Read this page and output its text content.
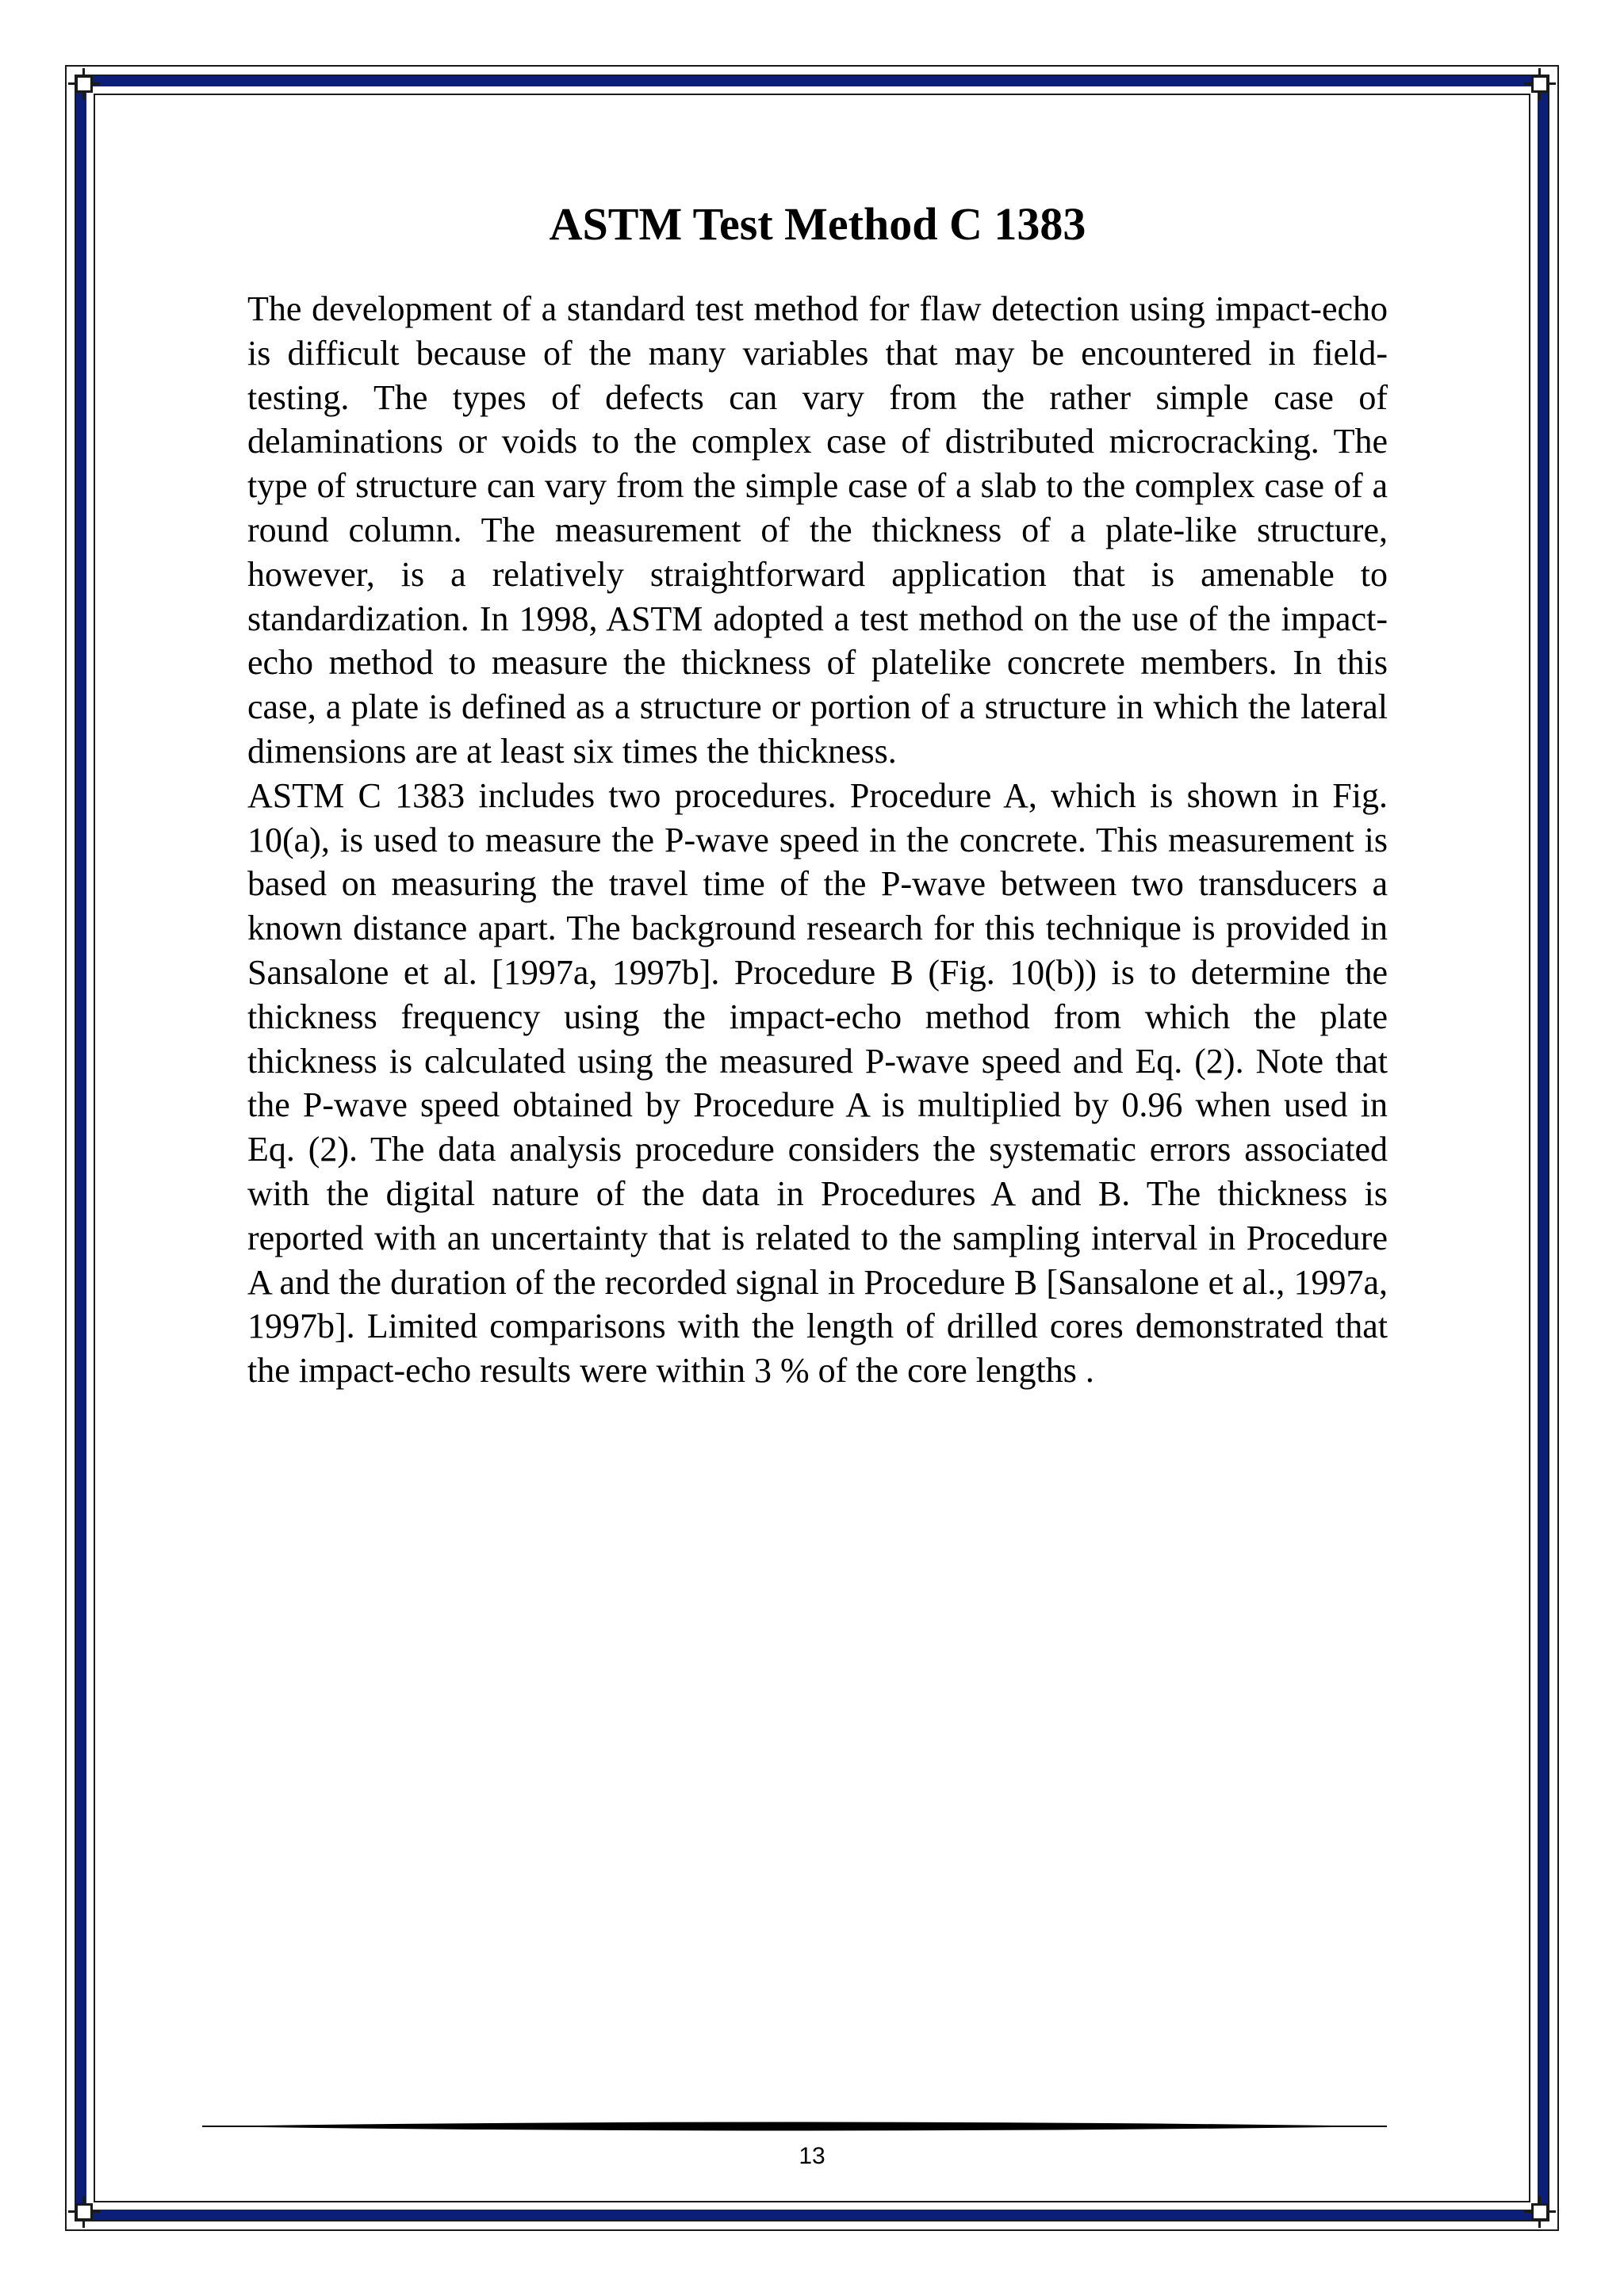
ASTM Test Method C 1383

The development of a standard test method for flaw detection using impact-echo is difficult because of the many variables that may be encountered in field-testing. The types of defects can vary from the rather simple case of delaminations or voids to the complex case of distributed microcracking. The type of structure can vary from the simple case of a slab to the complex case of a round column. The measurement of the thickness of a plate-like structure, however, is a relatively straightforward application that is amenable to standardization. In 1998, ASTM adopted a test method on the use of the impact-echo method to measure the thickness of platelike concrete members. In this case, a plate is defined as a structure or portion of a structure in which the lateral dimensions are at least six times the thickness.

ASTM C 1383 includes two procedures. Procedure A, which is shown in Fig. 10(a), is used to measure the P-wave speed in the concrete. This measurement is based on measuring the travel time of the P-wave between two transducers a known distance apart. The background research for this technique is provided in Sansalone et al. [1997a, 1997b]. Procedure B (Fig. 10(b)) is to determine the thickness frequency using the impact-echo method from which the plate thickness is calculated using the measured P-wave speed and Eq. (2). Note that the P-wave speed obtained by Procedure A is multiplied by 0.96 when used in Eq. (2). The data analysis procedure considers the systematic errors associated with the digital nature of the data in Procedures A and B. The thickness is reported with an uncertainty that is related to the sampling interval in Procedure A and the duration of the recorded signal in Procedure B [Sansalone et al., 1997a, 1997b]. Limited comparisons with the length of drilled cores demonstrated that the impact-echo results were within 3 % of the core lengths .

13
